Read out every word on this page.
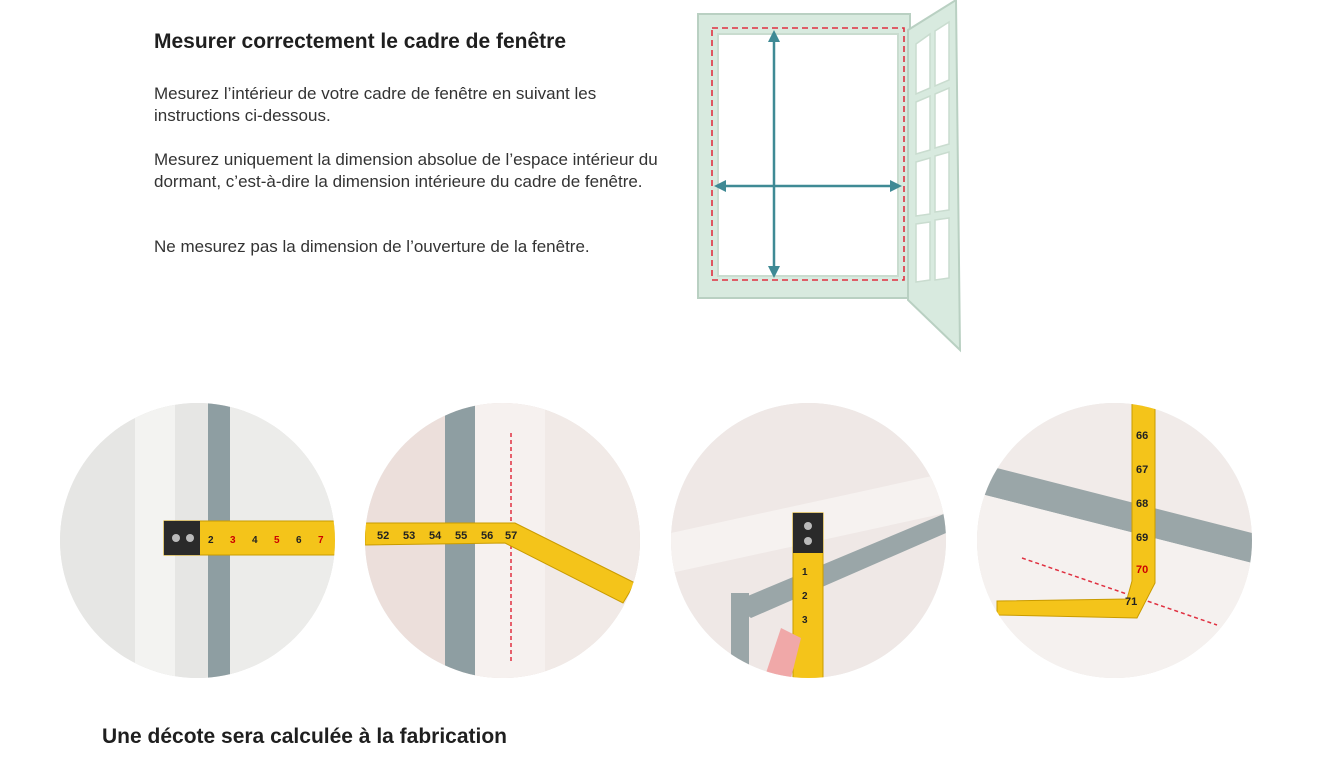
Mesurer correctement le cadre de fenêtre

Mesurez l’intérieur de votre cadre de fenêtre en suivant les instructions ci-dessous.

Mesurez uniquement la dimension absolue de l’espace intérieur du dormant, c’est-à-dire la dimension intérieure du cadre de fenêtre.

Ne mesurez pas la dimension de l’ouverture de la fenêtre.

2 3 4 5 6 7	52 53 54 55 56 57
1
2
3
66
67
68
69
70
71
Une décote sera calculée à la fabrication
